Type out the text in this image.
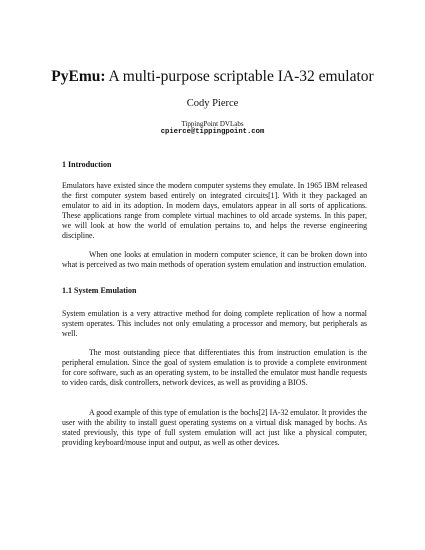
PyEmu: A multi-purpose scriptable IA-32 emulator
Cody Pierce
TippingPoint DVLabs
cpierce@tippingpoint.com
1 Introduction

Emulators have existed since the modern computer systems they emulate. In 1965 IBM released the first computer system based entirely on integrated circuits[1]. With it they packaged an emulator to aid in its adoption. In modern days, emulators appear in all sorts of applications. These applications range from complete virtual machines to old arcade systems. In this paper, we will look at how the world of emulation pertains to, and helps the reverse engineering discipline.

When one looks at emulation in modern computer science, it can be broken down into what is perceived as two main methods of operation system emulation and instruction emulation.

1.1 System Emulation

System emulation is a very attractive method for doing complete replication of how a normal system operates. This includes not only emulating a processor and memory, but peripherals as well.

The most outstanding piece that differentiates this from instruction emulation is the peripheral emulation. Since the goal of system emulation is to provide a complete environment for core software, such as an operating system, to be installed the emulator must handle requests to video cards, disk controllers, network devices, as well as providing a BIOS.

A good example of this type of emulation is the bochs[2] IA-32 emulator. It provides the user with the ability to install guest operating systems on a virtual disk managed by bochs. As stated previously, this type of full system emulation will act just like a physical computer, providing keyboard/mouse input and output, as well as other devices.
